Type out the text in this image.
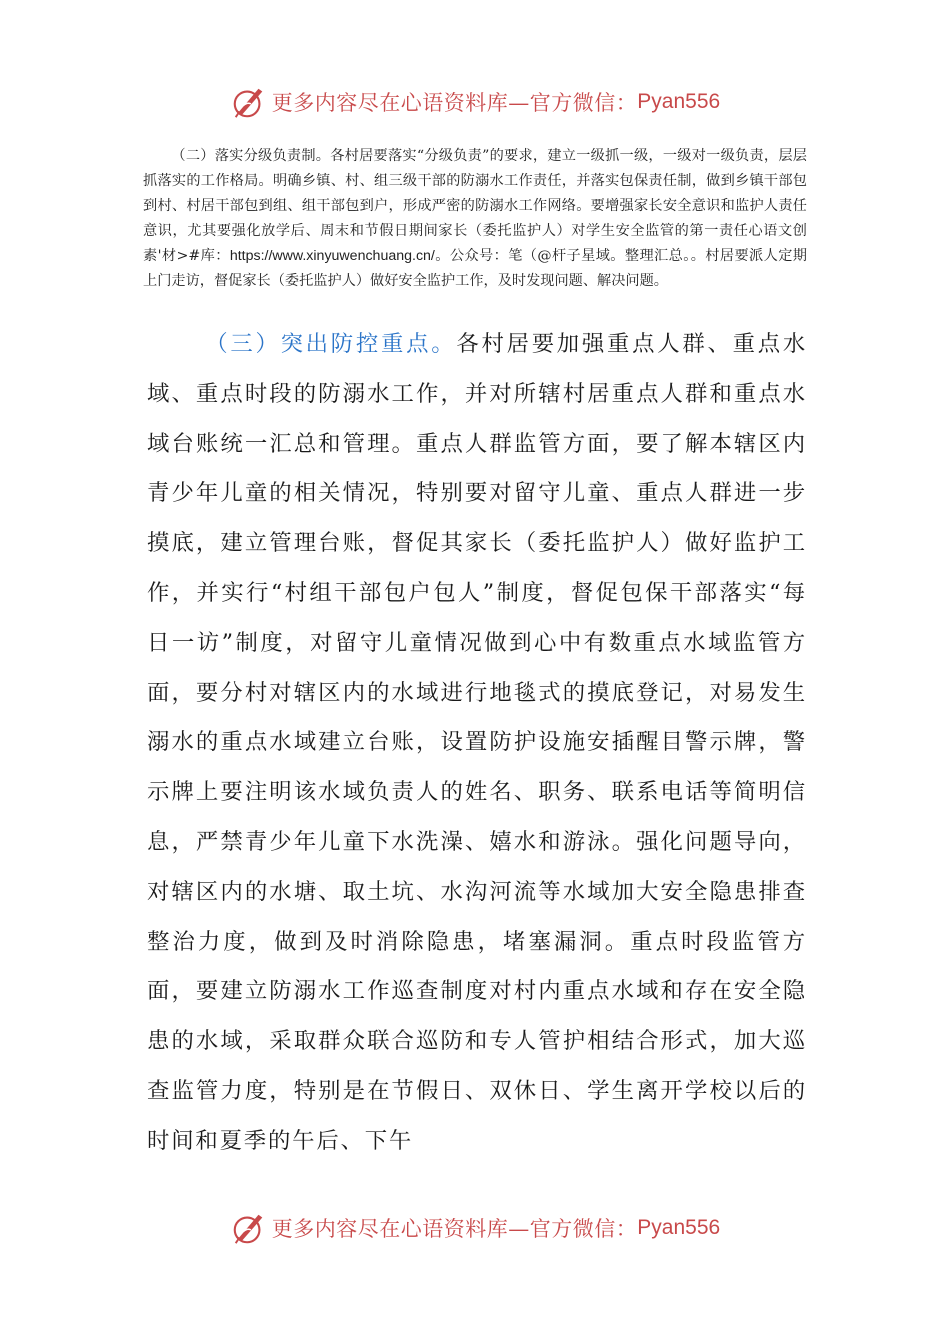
更多内容尽在心语资料库—官方微信： Pyan556
（二）落实分级负责制。各村居要落实“分级负责”的要求，建立一级抓一级，一级对一级负责，层层抓落实的工作格局。明确乡镇、村、组三级干部的防溺水工作责任，并落实包保责任制，做到乡镇干部包到村、村居干部包到组、组干部包到户，形成严密的防溺水工作网络。要增强家长安全意识和监护人责任意识，尤其要强化放学后、周末和节假日期间家长（委托监护人）对学生安全监管的第一责任心语文创素'材>#库：https://www.xinyuwenchuang.cn/。公众号：笔（@杆子星域。整理汇总。。村居要派人定期上门走访，督促家长（委托监护人）做好安全监护工作，及时发现问题、解决问题。
（三）突出防控重点。各村居要加强重点人群、重点水域、重点时段的防溺水工作，并对所辖村居重点人群和重点水域台账统一汇总和管理。重点人群监管方面，要了解本辖区内青少年儿童的相关情况，特别要对留守儿童、重点人群进一步摸底，建立管理台账，督促其家长（委托监护人）做好监护工作，并实行“村组干部包户包人”制度，督促包保干部落实“每日一访”制度，对留守儿童情况做到心中有数重点水域监管方面，要分村对辖区内的水域进行地毯式的摸底登记，对易发生溺水的重点水域建立台账，设置防护设施安插醒目警示牌，警示牌上要注明该水域负责人的姓名、职务、联系电话等简明信息，严禁青少年儿童下水洗澡、嬉水和游泳。强化问题导向，对辖区内的水塘、取土坑、水沟河流等水域加大安全隐患排查整治力度，做到及时消除隐患，堵塞漏洞。重点时段监管方面，要建立防溺水工作巡查制度对村内重点水域和存在安全隐患的水域，采取群众联合巡防和专人管护相结合形式，加大巡查监管力度，特别是在节假日、双休日、学生离开学校以后的时间和夏季的午后、下午
更多内容尽在心语资料库—官方微信： Pyan556
